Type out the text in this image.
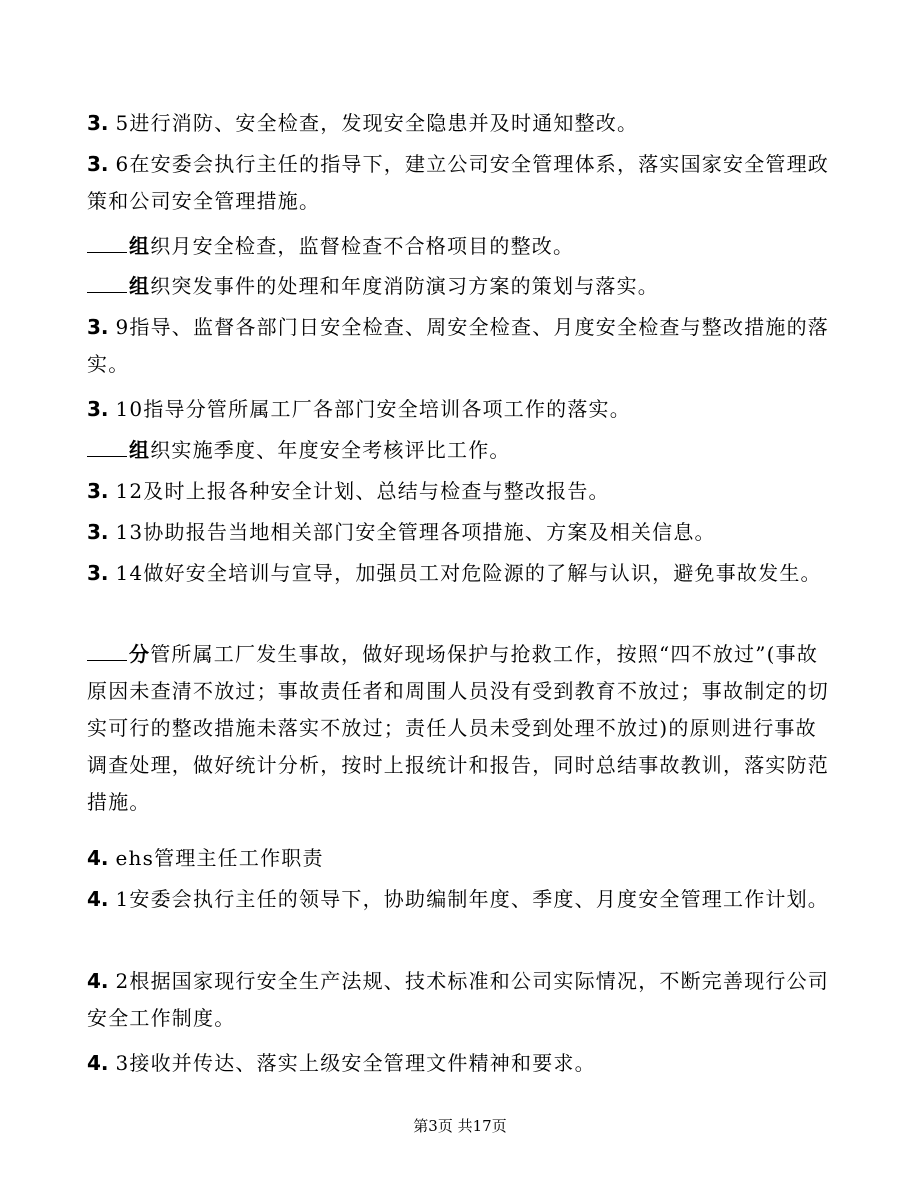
3. 5进行消防、安全检查，发现安全隐患并及时通知整改。

3. 6在安委会执行主任的指导下，建立公司安全管理体系，落实国家安全管理政策和公司安全管理措施。

组织月安全检查，监督检查不合格项目的整改。

组织突发事件的处理和年度消防演习方案的策划与落实。

3. 9指导、监督各部门日安全检查、周安全检查、月度安全检查与整改措施的落实。

3. 10指导分管所属工厂各部门安全培训各项工作的落实。

组织实施季度、年度安全考核评比工作。

3. 12及时上报各种安全计划、总结与检查与整改报告。

3. 13协助报告当地相关部门安全管理各项措施、方案及相关信息。

3. 14做好安全培训与宣导，加强员工对危险源的了解与认识，避免事故发生。

分管所属工厂发生事故，做好现场保护与抢救工作，按照“四不放过”(事故原因未查清不放过；事故责任者和周围人员没有受到教育不放过；事故制定的切实可行的整改措施未落实不放过；责任人员未受到处理不放过)的原则进行事故调查处理，做好统计分析，按时上报统计和报告，同时总结事故教训，落实防范措施。

4. ehs管理主任工作职责

4. 1安委会执行主任的领导下，协助编制年度、季度、月度安全管理工作计划。

4. 2根据国家现行安全生产法规、技术标准和公司实际情况，不断完善现行公司安全工作制度。

4. 3接收并传达、落实上级安全管理文件精神和要求。

第3页 共17页
